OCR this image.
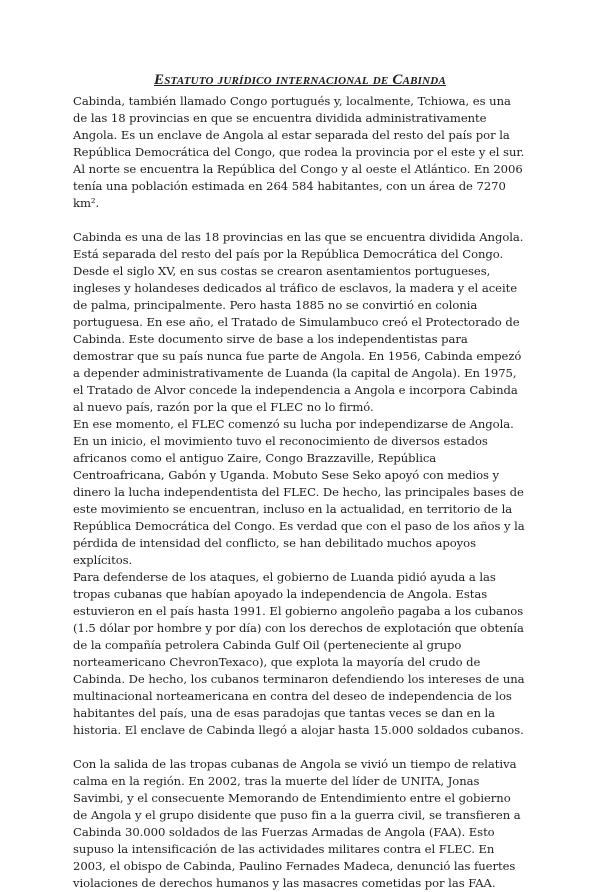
Estatuto jurídico internacional de Cabinda

Cabinda, también llamado Congo portugués y, localmente, Tchiowa, es una de las 18 provincias en que se encuentra dividida administrativamente Angola. Es un enclave de Angola al estar separada del resto del país por la República Democrática del Congo, que rodea la provincia por el este y el sur. Al norte se encuentra la República del Congo y al oeste el Atlántico. En 2006 tenía una población estimada en 264 584 habitantes, con un área de 7270 km².

Cabinda es una de las 18 provincias en las que se encuentra dividida Angola. Está separada del resto del país por la República Democrática del Congo.

Desde el siglo XV, en sus costas se crearon asentamientos portugueses, ingleses y holandeses dedicados al tráfico de esclavos, la madera y el aceite de palma, principalmente. Pero hasta 1885 no se convirtió en colonia portuguesa. En ese año, el Tratado de Simulambuco creó el Protectorado de Cabinda. Este documento sirve de base a los independentistas para demostrar que su país nunca fue parte de Angola. En 1956, Cabinda empezó a depender administrativamente de Luanda (la capital de Angola). En 1975, el Tratado de Alvor concede la independencia a Angola e incorpora Cabinda al nuevo país, razón por la que el FLEC no lo firmó.

En ese momento, el FLEC comenzó su lucha por independizarse de Angola. En un inicio, el movimiento tuvo el reconocimiento de diversos estados africanos como el antiguo Zaire, Congo Brazzaville, República Centroafricana, Gabón y Uganda. Mobuto Sese Seko apoyó con medios y dinero la lucha independentista del FLEC. De hecho, las principales bases de este movimiento se encuentran, incluso en la actualidad, en territorio de la República Democrática del Congo. Es verdad que con el paso de los años y la pérdida de intensidad del conflicto, se han debilitado muchos apoyos explícitos.

Para defenderse de los ataques, el gobierno de Luanda pidió ayuda a las tropas cubanas que habían apoyado la independencia de Angola. Estas estuvieron en el país hasta 1991. El gobierno angoleño pagaba a los cubanos (1.5 dólar por hombre y por día) con los derechos de explotación que obtenía de la compañía petrolera Cabinda Gulf Oil (perteneciente al grupo norteamericano ChevronTexaco), que explota la mayoría del crudo de Cabinda. De hecho, los cubanos terminaron defendiendo los intereses de una multinacional norteamericana en contra del deseo de independencia de los habitantes del país, una de esas paradojas que tantas veces se dan en la historia. El enclave de Cabinda llegó a alojar hasta 15.000 soldados cubanos.

Con la salida de las tropas cubanas de Angola se vivió un tiempo de relativa calma en la región. En 2002, tras la muerte del líder de UNITA, Jonas Savimbi, y el consecuente Memorando de Entendimiento entre el gobierno de Angola y el grupo disidente que puso fin a la guerra civil, se transfieren a Cabinda 30.000 soldados de las Fuerzas Armadas de Angola (FAA). Esto supuso la intensificación de las actividades militares contra el FLEC. En 2003, el obispo de Cabinda, Paulino Fernades Madeca, denunció las fuertes violaciones de derechos humanos y las masacres cometidas por las FAA.
